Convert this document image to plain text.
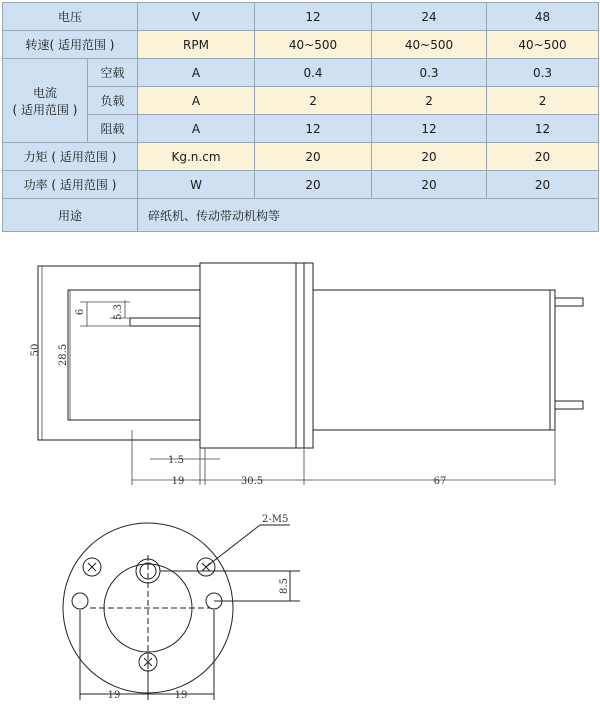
电压		V	12	24	48
转速( 适用范围 )		RPM	40~500	40~500	40~500

电流
( 适用范围 )	空载	A	0.4	0.3	0.3
	负载	A	2	2	2
	阻载	A	12	12	12
力矩 ( 适用范围 )		Kg.n.cm	20	20	20
功率 ( 适用范围 )		W	20	20	20
用途		碎纸机、传动带动机构等			
50 28.5
6	5.3
1.5
19	30.5	67
2-M5
8.5
19	19
